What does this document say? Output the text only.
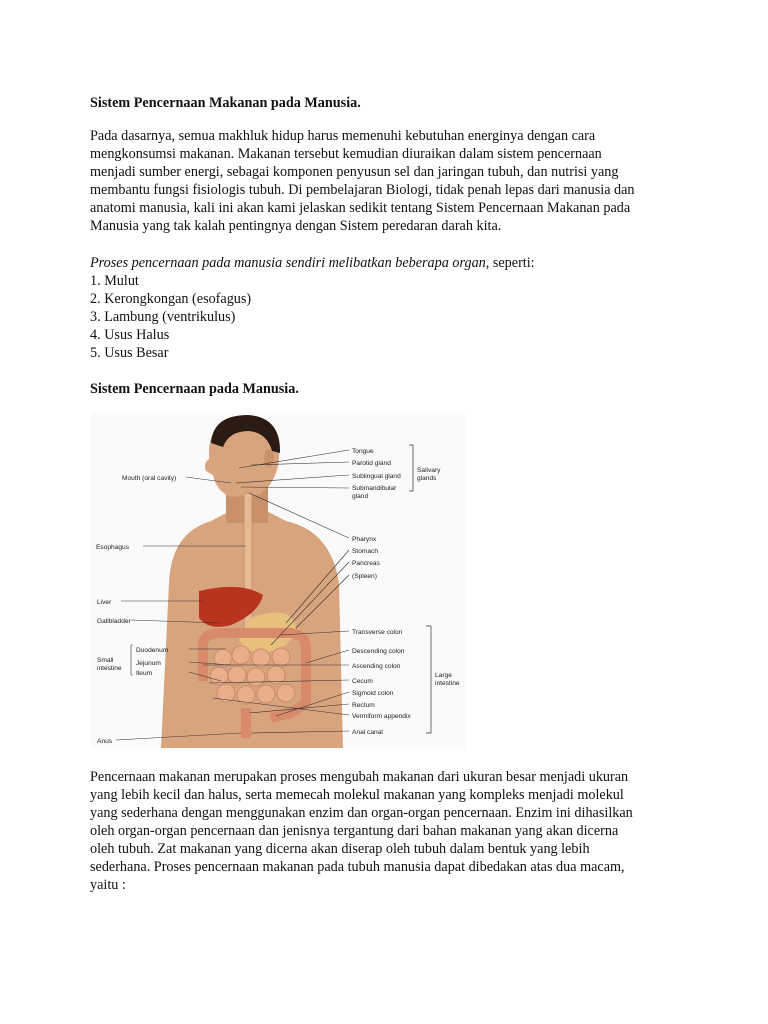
Sistem Pencernaan Makanan pada Manusia.
Pada dasarnya, semua makhluk hidup harus memenuhi kebutuhan energinya dengan cara
mengkonsumsi makanan. Makanan tersebut kemudian diuraikan dalam sistem pencernaan
menjadi sumber energi, sebagai komponen penyusun sel dan jaringan tubuh, dan nutrisi yang
membantu fungsi fisiologis tubuh. Di pembelajaran Biologi, tidak penah lepas dari manusia dan
anatomi manusia, kali ini akan kami jelaskan sedikit tentang Sistem Pencernaan Makanan pada
Manusia yang tak kalah pentingnya dengan Sistem peredaran darah kita.
Proses pencernaan pada manusia sendiri melibatkan beberapa organ, seperti:
1. Mulut
2. Kerongkongan (esofagus)
3. Lambung (ventrikulus)
4. Usus Halus
5. Usus Besar
Sistem Pencernaan pada Manusia.
Mouth (oral cavity)
Esophagus
Liver
Gallbladder
Small
intestine
Duodenum
Jejunum
Ileum
Anus
Tongue
Parotid gland
Sublingual gland
Submandibular
gland
Salivary
glands
Pharynx
Stomach
Pancreas
(Spleen)
Transverse colon
Descending colon
Ascending colon
Cecum
Sigmoid colon
Rectum
Vermiform appendix
Anal canal
Large
intestine
Pencernaan makanan merupakan proses mengubah makanan dari ukuran besar menjadi ukuran
yang lebih kecil dan halus, serta memecah molekul makanan yang kompleks menjadi molekul
yang sederhana dengan menggunakan enzim dan organ-organ pencernaan. Enzim ini dihasilkan
oleh organ-organ pencernaan dan jenisnya tergantung dari bahan makanan yang akan dicerna
oleh tubuh. Zat makanan yang dicerna akan diserap oleh tubuh dalam bentuk yang lebih
sederhana. Proses pencernaan makanan pada tubuh manusia dapat dibedakan atas dua macam,
yaitu :
